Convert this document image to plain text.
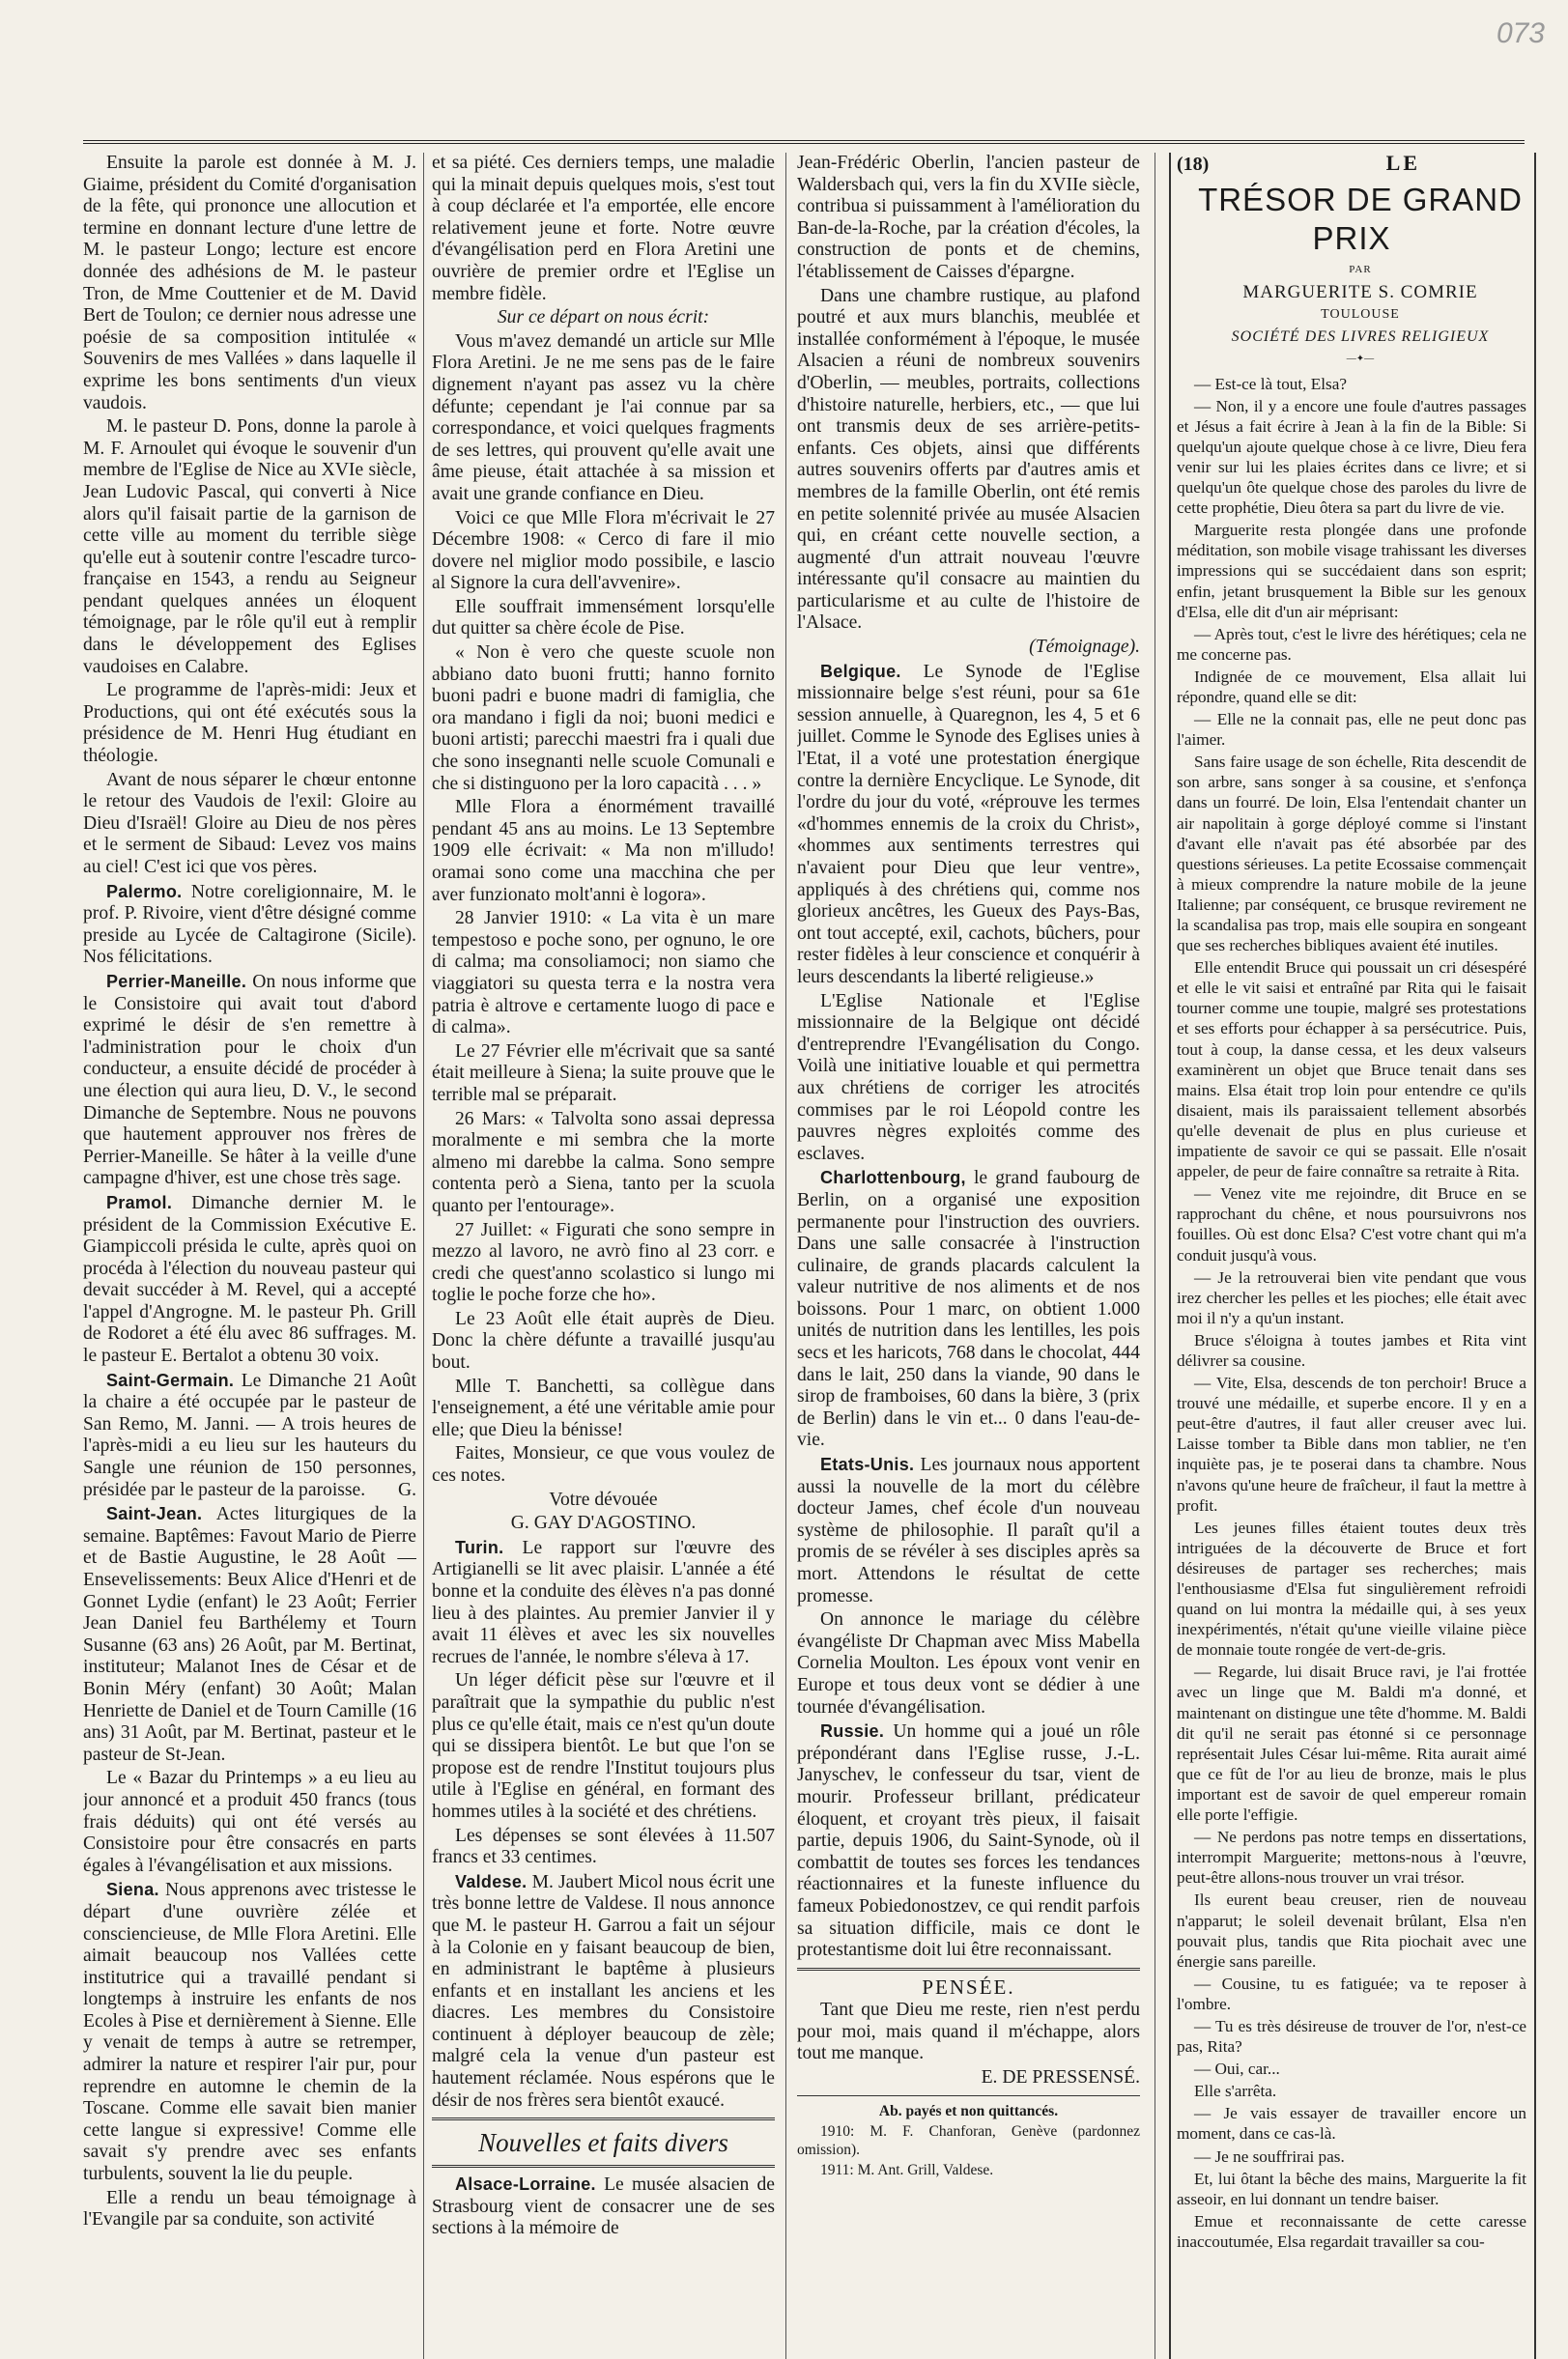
073

Ensuite la parole est donnée à M. J. Giaime, président du Comité d'organisation de la fête, qui prononce une allocution et termine en donnant lecture d'une lettre de M. le pasteur Longo; lecture est encore donnée des adhésions de M. le pasteur Tron, de Mme Couttenier et de M. David Bert de Toulon; ce dernier nous adresse une poésie de sa composition intitulée « Souvenirs de mes Vallées » dans laquelle il exprime les bons sentiments d'un vieux vaudois.

M. le pasteur D. Pons, donne la parole à M. F. Arnoulet qui évoque le souvenir d'un membre de l'Eglise de Nice au XVIe siècle, Jean Ludovic Pascal, qui converti à Nice alors qu'il faisait partie de la garnison de cette ville au moment du terrible siège qu'elle eut à soutenir contre l'escadre turco-française en 1543, a rendu au Seigneur pendant quelques années un éloquent témoignage, par le rôle qu'il eut à remplir dans le développement des Eglises vaudoises en Calabre.

Le programme de l'après-midi: Jeux et Productions, qui ont été exécutés sous la présidence de M. Henri Hug étudiant en théologie.

Avant de nous séparer le chœur entonne le retour des Vaudois de l'exil: Gloire au Dieu d'Israël! Gloire au Dieu de nos pères et le serment de Sibaud: Levez vos mains au ciel! C'est ici que vos pères.

Palermo. Notre coreligionnaire, M. le prof. P. Rivoire, vient d'être désigné comme preside au Lycée de Caltagirone (Sicile). Nos félicitations.

Perrier-Maneille. On nous informe que le Consistoire qui avait tout d'abord exprimé le désir de s'en remettre à l'administration pour le choix d'un conducteur, a ensuite décidé de procéder à une élection qui aura lieu, D. V., le second Dimanche de Septembre. Nous ne pouvons que hautement approuver nos frères de Perrier-Maneille. Se hâter à la veille d'une campagne d'hiver, est une chose très sage.

Pramol. Dimanche dernier M. le président de la Commission Exécutive E. Giampiccoli présida le culte, après quoi on procéda à l'élection du nouveau pasteur qui devait succéder à M. Revel, qui a accepté l'appel d'Angrogne. M. le pasteur Ph. Grill de Rodoret a été élu avec 86 suffrages. M. le pasteur E. Bertalot a obtenu 30 voix.

Saint-Germain. Le Dimanche 21 Août la chaire a été occupée par le pasteur de San Remo, M. Janni. — A trois heures de l'après-midi a eu lieu sur les hauteurs du Sangle une réunion de 150 personnes, présidée par le pasteur de la paroisse.	G.

Saint-Jean. Actes liturgiques de la semaine. Baptêmes: Favout Mario de Pierre et de Bastie Augustine, le 28 Août — Ensevelissements: Beux Alice d'Henri et de Gonnet Lydie (enfant) le 23 Août; Ferrier Jean Daniel feu Barthélemy et Tourn Susanne (63 ans) 26 Août, par M. Bertinat, instituteur; Malanot Ines de César et de Bonin Méry (enfant) 30 Août; Malan Henriette de Daniel et de Tourn Camille (16 ans) 31 Août, par M. Bertinat, pasteur et le pasteur de St-Jean.

Le « Bazar du Printemps » a eu lieu au jour annoncé et a produit 450 francs (tous frais déduits) qui ont été versés au Consistoire pour être consacrés en parts égales à l'évangélisation et aux missions.

Siena. Nous apprenons avec tristesse le départ d'une ouvrière zélée et consciencieuse, de Mlle Flora Aretini. Elle aimait beaucoup nos Vallées cette institutrice qui a travaillé pendant si longtemps à instruire les enfants de nos Ecoles à Pise et dernièrement à Sienne. Elle y venait de temps à autre se retremper, admirer la nature et respirer l'air pur, pour reprendre en automne le chemin de la Toscane. Comme elle savait bien manier cette langue si expressive! Comme elle savait s'y prendre avec ses enfants turbulents, souvent la lie du peuple.

Elle a rendu un beau témoignage à l'Evangile par sa conduite, son activité

et sa piété. Ces derniers temps, une maladie qui la minait depuis quelques mois, s'est tout à coup déclarée et l'a emportée, elle encore relativement jeune et forte. Notre œuvre d'évangélisation perd en Flora Aretini une ouvrière de premier ordre et l'Eglise un membre fidèle.

Sur ce départ on nous écrit:

Vous m'avez demandé un article sur Mlle Flora Aretini. Je ne me sens pas de le faire dignement n'ayant pas assez vu la chère défunte; cependant je l'ai connue par sa correspondance, et voici quelques fragments de ses lettres, qui prouvent qu'elle avait une âme pieuse, était attachée à sa mission et avait une grande confiance en Dieu.

Voici ce que Mlle Flora m'écrivait le 27 Décembre 1908: « Cerco di fare il mio dovere nel miglior modo possibile, e lascio al Signore la cura dell'avvenire».

Elle souffrait immensément lorsqu'elle dut quitter sa chère école de Pise.

« Non è vero che queste scuole non abbiano dato buoni frutti; hanno fornito buoni padri e buone madri di famiglia, che ora mandano i figli da noi; buoni medici e buoni artisti; parecchi maestri fra i quali due che sono insegnanti nelle scuole Comunali e che si distinguono per la loro capacità . . . »

Mlle Flora a énormément travaillé pendant 45 ans au moins. Le 13 Septembre 1909 elle écrivait: « Ma non m'illudo! oramai sono come una macchina che per aver funzionato molt'anni è logora».

28 Janvier 1910: « La vita è un mare tempestoso e poche sono, per ognuno, le ore di calma; ma consoliamoci; non siamo che viaggiatori su questa terra e la nostra vera patria è altrove e certamente luogo di pace e di calma».

Le 27 Février elle m'écrivait que sa santé était meilleure à Siena; la suite prouve que le terrible mal se préparait.

26 Mars: « Talvolta sono assai depressa moralmente e mi sembra che la morte almeno mi darebbe la calma. Sono sempre contenta però a Siena, tanto per la scuola quanto per l'entourage».

27 Juillet: « Figurati che sono sempre in mezzo al lavoro, ne avrò fino al 23 corr. e credi che quest'anno scolastico si lungo mi toglie le poche forze che ho».

Le 23 Août elle était auprès de Dieu. Donc la chère défunte a travaillé jusqu'au bout.

Mlle T. Banchetti, sa collègue dans l'enseignement, a été une véritable amie pour elle; que Dieu la bénisse!

Faites, Monsieur, ce que vous voulez de ces notes.

Votre dévouée

G. GAY D'AGOSTINO.

Turin. Le rapport sur l'œuvre des Artigianelli se lit avec plaisir. L'année a été bonne et la conduite des élèves n'a pas donné lieu à des plaintes. Au premier Janvier il y avait 11 élèves et avec les six nouvelles recrues de l'année, le nombre s'éleva à 17.

Un léger déficit pèse sur l'œuvre et il paraîtrait que la sympathie du public n'est plus ce qu'elle était, mais ce n'est qu'un doute qui se dissipera bientôt. Le but que l'on se propose est de rendre l'Institut toujours plus utile à l'Eglise en général, en formant des hommes utiles à la société et des chrétiens.

Les dépenses se sont élevées à 11.507 francs et 33 centimes.

Valdese. M. Jaubert Micol nous écrit une très bonne lettre de Valdese. Il nous annonce que M. le pasteur H. Garrou a fait un séjour à la Colonie en y faisant beaucoup de bien, en administrant le baptême à plusieurs enfants et en installant les anciens et les diacres. Les membres du Consistoire continuent à déployer beaucoup de zèle; malgré cela la venue d'un pasteur est hautement réclamée. Nous espérons que le désir de nos frères sera bientôt exaucé.

Nouvelles et faits divers

Alsace-Lorraine. Le musée alsacien de Strasbourg vient de consacrer une de ses sections à la mémoire de

Jean-Frédéric Oberlin, l'ancien pasteur de Waldersbach qui, vers la fin du XVIIe siècle, contribua si puissamment à l'amélioration du Ban-de-la-Roche, par la création d'écoles, la construction de ponts et de chemins, l'établissement de Caisses d'épargne.

Dans une chambre rustique, au plafond poutré et aux murs blanchis, meublée et installée conformément à l'époque, le musée Alsacien a réuni de nombreux souvenirs d'Oberlin, — meubles, portraits, collections d'histoire naturelle, herbiers, etc., — que lui ont transmis deux de ses arrière-petits-enfants. Ces objets, ainsi que différents autres souvenirs offerts par d'autres amis et membres de la famille Oberlin, ont été remis en petite solennité privée au musée Alsacien qui, en créant cette nouvelle section, a augmenté d'un attrait nouveau l'œuvre intéressante qu'il consacre au maintien du particularisme et au culte de l'histoire de l'Alsace.

(Témoignage).

Belgique. Le Synode de l'Eglise missionnaire belge s'est réuni, pour sa 61e session annuelle, à Quaregnon, les 4, 5 et 6 juillet. Comme le Synode des Eglises unies à l'Etat, il a voté une protestation énergique contre la dernière Encyclique. Le Synode, dit l'ordre du jour du voté, «réprouve les termes «d'hommes ennemis de la croix du Christ», «hommes aux sentiments terrestres qui n'avaient pour Dieu que leur ventre», appliqués à des chrétiens qui, comme nos glorieux ancêtres, les Gueux des Pays-Bas, ont tout accepté, exil, cachots, bûchers, pour rester fidèles à leur conscience et conquérir à leurs descendants la liberté religieuse.»

L'Eglise Nationale et l'Eglise missionnaire de la Belgique ont décidé d'entreprendre l'Evangélisation du Congo. Voilà une initiative louable et qui permettra aux chrétiens de corriger les atrocités commises par le roi Léopold contre les pauvres nègres exploités comme des esclaves.

Charlottenbourg, le grand faubourg de Berlin, on a organisé une exposition permanente pour l'instruction des ouvriers. Dans une salle consacrée à l'instruction culinaire, de grands placards calculent la valeur nutritive de nos aliments et de nos boissons. Pour 1 marc, on obtient 1.000 unités de nutrition dans les lentilles, les pois secs et les haricots, 768 dans le chocolat, 444 dans le lait, 250 dans la viande, 90 dans le sirop de framboises, 60 dans la bière, 3 (prix de Berlin) dans le vin et... 0 dans l'eau-de-vie.

Etats-Unis. Les journaux nous apportent aussi la nouvelle de la mort du célèbre docteur James, chef école d'un nouveau système de philosophie. Il paraît qu'il a promis de se révéler à ses disciples après sa mort. Attendons le résultat de cette promesse.

On annonce le mariage du célèbre évangéliste Dr Chapman avec Miss Mabella Cornelia Moulton. Les époux vont venir en Europe et tous deux vont se dédier à une tournée d'évangélisation.

Russie. Un homme qui a joué un rôle prépondérant dans l'Eglise russe, J.-L. Janyschev, le confesseur du tsar, vient de mourir. Professeur brillant, prédicateur éloquent, et croyant très pieux, il faisait partie, depuis 1906, du Saint-Synode, où il combattit de toutes ses forces les tendances réactionnaires et la funeste influence du fameux Pobiedonostzev, ce qui rendit parfois sa situation difficile, mais ce dont le protestantisme doit lui être reconnaissant.

PENSÉE.

Tant que Dieu me reste, rien n'est perdu pour moi, mais quand il m'échappe, alors tout me manque.

E. DE PRESSENSÉ.

Ab. payés et non quittancés.

1910: M. F. Chanforan, Genève (pardonnez omission).

1911: M. Ant. Grill, Valdese.

(18)	LE

TRÉSOR DE GRAND PRIX

PAR

MARGUERITE S. COMRIE

TOULOUSE

SOCIÉTÉ DES LIVRES RELIGIEUX

—✦—

— Est-ce là tout, Elsa?

— Non, il y a encore une foule d'autres passages et Jésus a fait écrire à Jean à la fin de la Bible: Si quelqu'un ajoute quelque chose à ce livre, Dieu fera venir sur lui les plaies écrites dans ce livre; et si quelqu'un ôte quelque chose des paroles du livre de cette prophétie, Dieu ôtera sa part du livre de vie.

Marguerite resta plongée dans une profonde méditation, son mobile visage trahissant les diverses impressions qui se succédaient dans son esprit; enfin, jetant brusquement la Bible sur les genoux d'Elsa, elle dit d'un air méprisant:

— Après tout, c'est le livre des hérétiques; cela ne me concerne pas.

Indignée de ce mouvement, Elsa allait lui répondre, quand elle se dit:

— Elle ne la connait pas, elle ne peut donc pas l'aimer.

Sans faire usage de son échelle, Rita descendit de son arbre, sans songer à sa cousine, et s'enfonça dans un fourré. De loin, Elsa l'entendait chanter un air napolitain à gorge déployé comme si l'instant d'avant elle n'avait pas été absorbée par des questions sérieuses. La petite Ecossaise commençait à mieux comprendre la nature mobile de la jeune Italienne; par conséquent, ce brusque revirement ne la scandalisa pas trop, mais elle soupira en songeant que ses recherches bibliques avaient été inutiles.

Elle entendit Bruce qui poussait un cri désespéré et elle le vit saisi et entraîné par Rita qui le faisait tourner comme une toupie, malgré ses protestations et ses efforts pour échapper à sa persécutrice. Puis, tout à coup, la danse cessa, et les deux valseurs examinèrent un objet que Bruce tenait dans ses mains. Elsa était trop loin pour entendre ce qu'ils disaient, mais ils paraissaient tellement absorbés qu'elle devenait de plus en plus curieuse et impatiente de savoir ce qui se passait. Elle n'osait appeler, de peur de faire connaître sa retraite à Rita.

— Venez vite me rejoindre, dit Bruce en se rapprochant du chêne, et nous poursuivrons nos fouilles. Où est donc Elsa? C'est votre chant qui m'a conduit jusqu'à vous.

— Je la retrouverai bien vite pendant que vous irez chercher les pelles et les pioches; elle était avec moi il n'y a qu'un instant.

Bruce s'éloigna à toutes jambes et Rita vint délivrer sa cousine.

— Vite, Elsa, descends de ton perchoir! Bruce a trouvé une médaille, et superbe encore. Il y en a peut-être d'autres, il faut aller creuser avec lui. Laisse tomber ta Bible dans mon tablier, ne t'en inquiète pas, je te poserai dans ta chambre. Nous n'avons qu'une heure de fraîcheur, il faut la mettre à profit.

Les jeunes filles étaient toutes deux très intriguées de la découverte de Bruce et fort désireuses de partager ses recherches; mais l'enthousiasme d'Elsa fut singulièrement refroidi quand on lui montra la médaille qui, à ses yeux inexpérimentés, n'était qu'une vieille vilaine pièce de monnaie toute rongée de vert-de-gris.

— Regarde, lui disait Bruce ravi, je l'ai frottée avec un linge que M. Baldi m'a donné, et maintenant on distingue une tête d'homme. M. Baldi dit qu'il ne serait pas étonné si ce personnage représentait Jules César lui-même. Rita aurait aimé que ce fût de l'or au lieu de bronze, mais le plus important est de savoir de quel empereur romain elle porte l'effigie.

— Ne perdons pas notre temps en dissertations, interrompit Marguerite; mettons-nous à l'œuvre, peut-être allons-nous trouver un vrai trésor.

Ils eurent beau creuser, rien de nouveau n'apparut; le soleil devenait brûlant, Elsa n'en pouvait plus, tandis que Rita piochait avec une énergie sans pareille.

— Cousine, tu es fatiguée; va te reposer à l'ombre.

— Tu es très désireuse de trouver de l'or, n'est-ce pas, Rita?

— Oui, car...

Elle s'arrêta.

— Je vais essayer de travailler encore un moment, dans ce cas-là.

— Je ne souffrirai pas.

Et, lui ôtant la bêche des mains, Marguerite la fit asseoir, en lui donnant un tendre baiser.

Emue et reconnaissante de cette caresse inaccoutumée, Elsa regardait travailler sa cou-
